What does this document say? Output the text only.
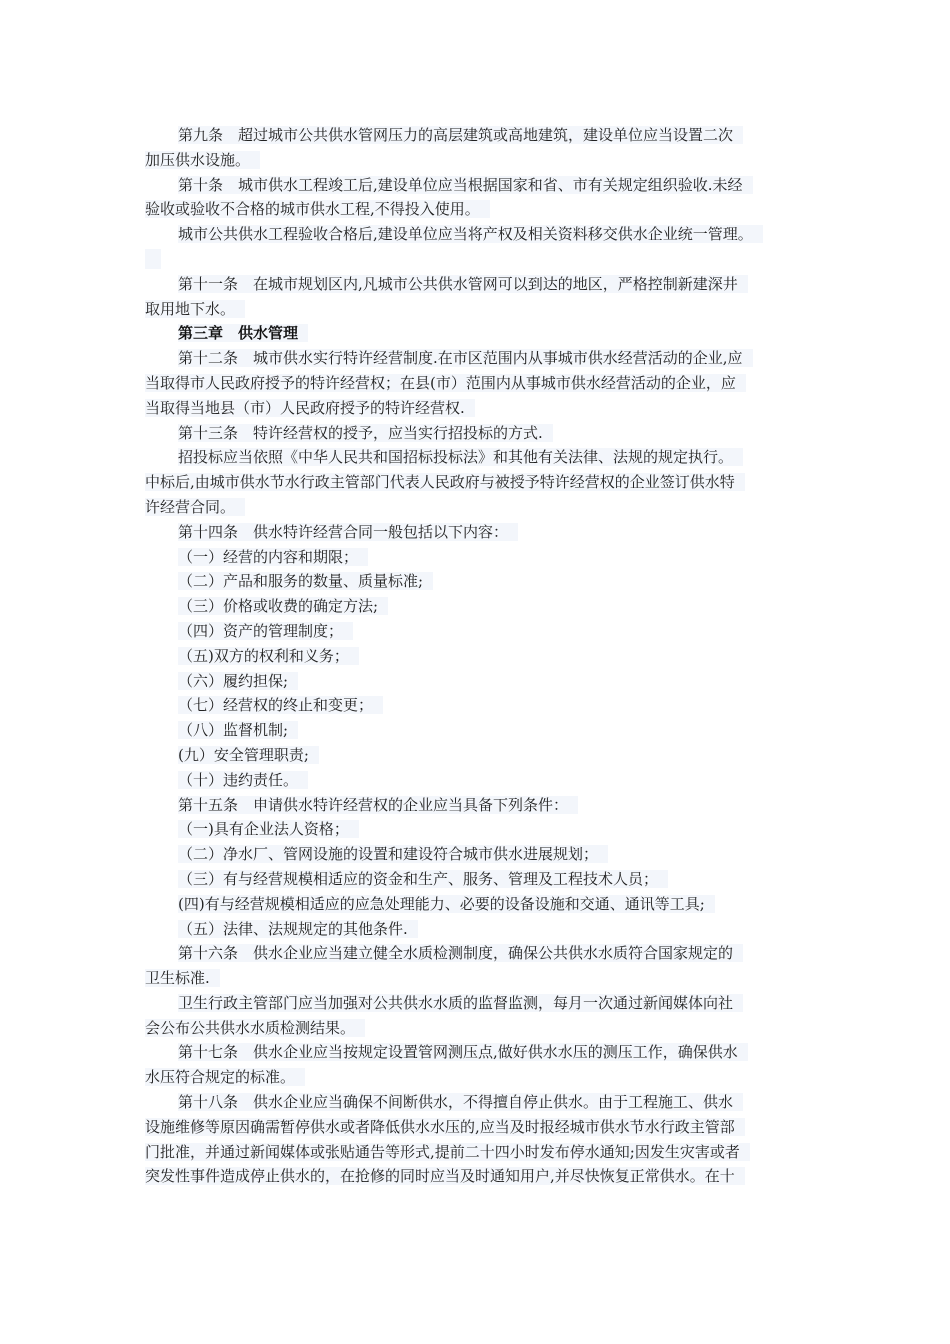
第九条　超过城市公共供水管网压力的高层建筑或高地建筑，建设单位应当设置二次
加压供水设施。
第十条　城市供水工程竣工后,建设单位应当根据国家和省、市有关规定组织验收.未经
验收或验收不合格的城市供水工程,不得投入使用。
城市公共供水工程验收合格后,建设单位应当将产权及相关资料移交供水企业统一管理。
第十一条　在城市规划区内,凡城市公共供水管网可以到达的地区，严格控制新建深井
取用地下水。
第三章　供水管理
第十二条　城市供水实行特许经营制度.在市区范围内从事城市供水经营活动的企业,应
当取得市人民政府授予的特许经营权；在县(市）范围内从事城市供水经营活动的企业，应
当取得当地县（市）人民政府授予的特许经营权.
第十三条　特许经营权的授予，应当实行招投标的方式.
招投标应当依照《中华人民共和国招标投标法》和其他有关法律、法规的规定执行。
中标后,由城市供水节水行政主管部门代表人民政府与被授予特许经营权的企业签订供水特
许经营合同。
第十四条　供水特许经营合同一般包括以下内容：
（一）经营的内容和期限；
（二）产品和服务的数量、质量标准;
（三）价格或收费的确定方法;
（四）资产的管理制度；
（五)双方的权利和义务；
（六）履约担保;
（七）经营权的终止和变更；
（八）监督机制;
(九）安全管理职责;
（十）违约责任。
第十五条　申请供水特许经营权的企业应当具备下列条件：
（一)具有企业法人资格；
（二）净水厂、管网设施的设置和建设符合城市供水进展规划；
（三）有与经营规模相适应的资金和生产、服务、管理及工程技术人员；
(四)有与经营规模相适应的应急处理能力、必要的设备设施和交通、通讯等工具;
（五）法律、法规规定的其他条件.
第十六条　供水企业应当建立健全水质检测制度，确保公共供水水质符合国家规定的
卫生标准.
卫生行政主管部门应当加强对公共供水水质的监督监测，每月一次通过新闻媒体向社
会公布公共供水水质检测结果。
第十七条　供水企业应当按规定设置管网测压点,做好供水水压的测压工作，确保供水
水压符合规定的标准。
第十八条　供水企业应当确保不间断供水，不得擅自停止供水。由于工程施工、供水
设施维修等原因确需暂停供水或者降低供水水压的,应当及时报经城市供水节水行政主管部
门批准，并通过新闻媒体或张贴通告等形式,提前二十四小时发布停水通知;因发生灾害或者
突发性事件造成停止供水的，在抢修的同时应当及时通知用户,并尽快恢复正常供水。在十
